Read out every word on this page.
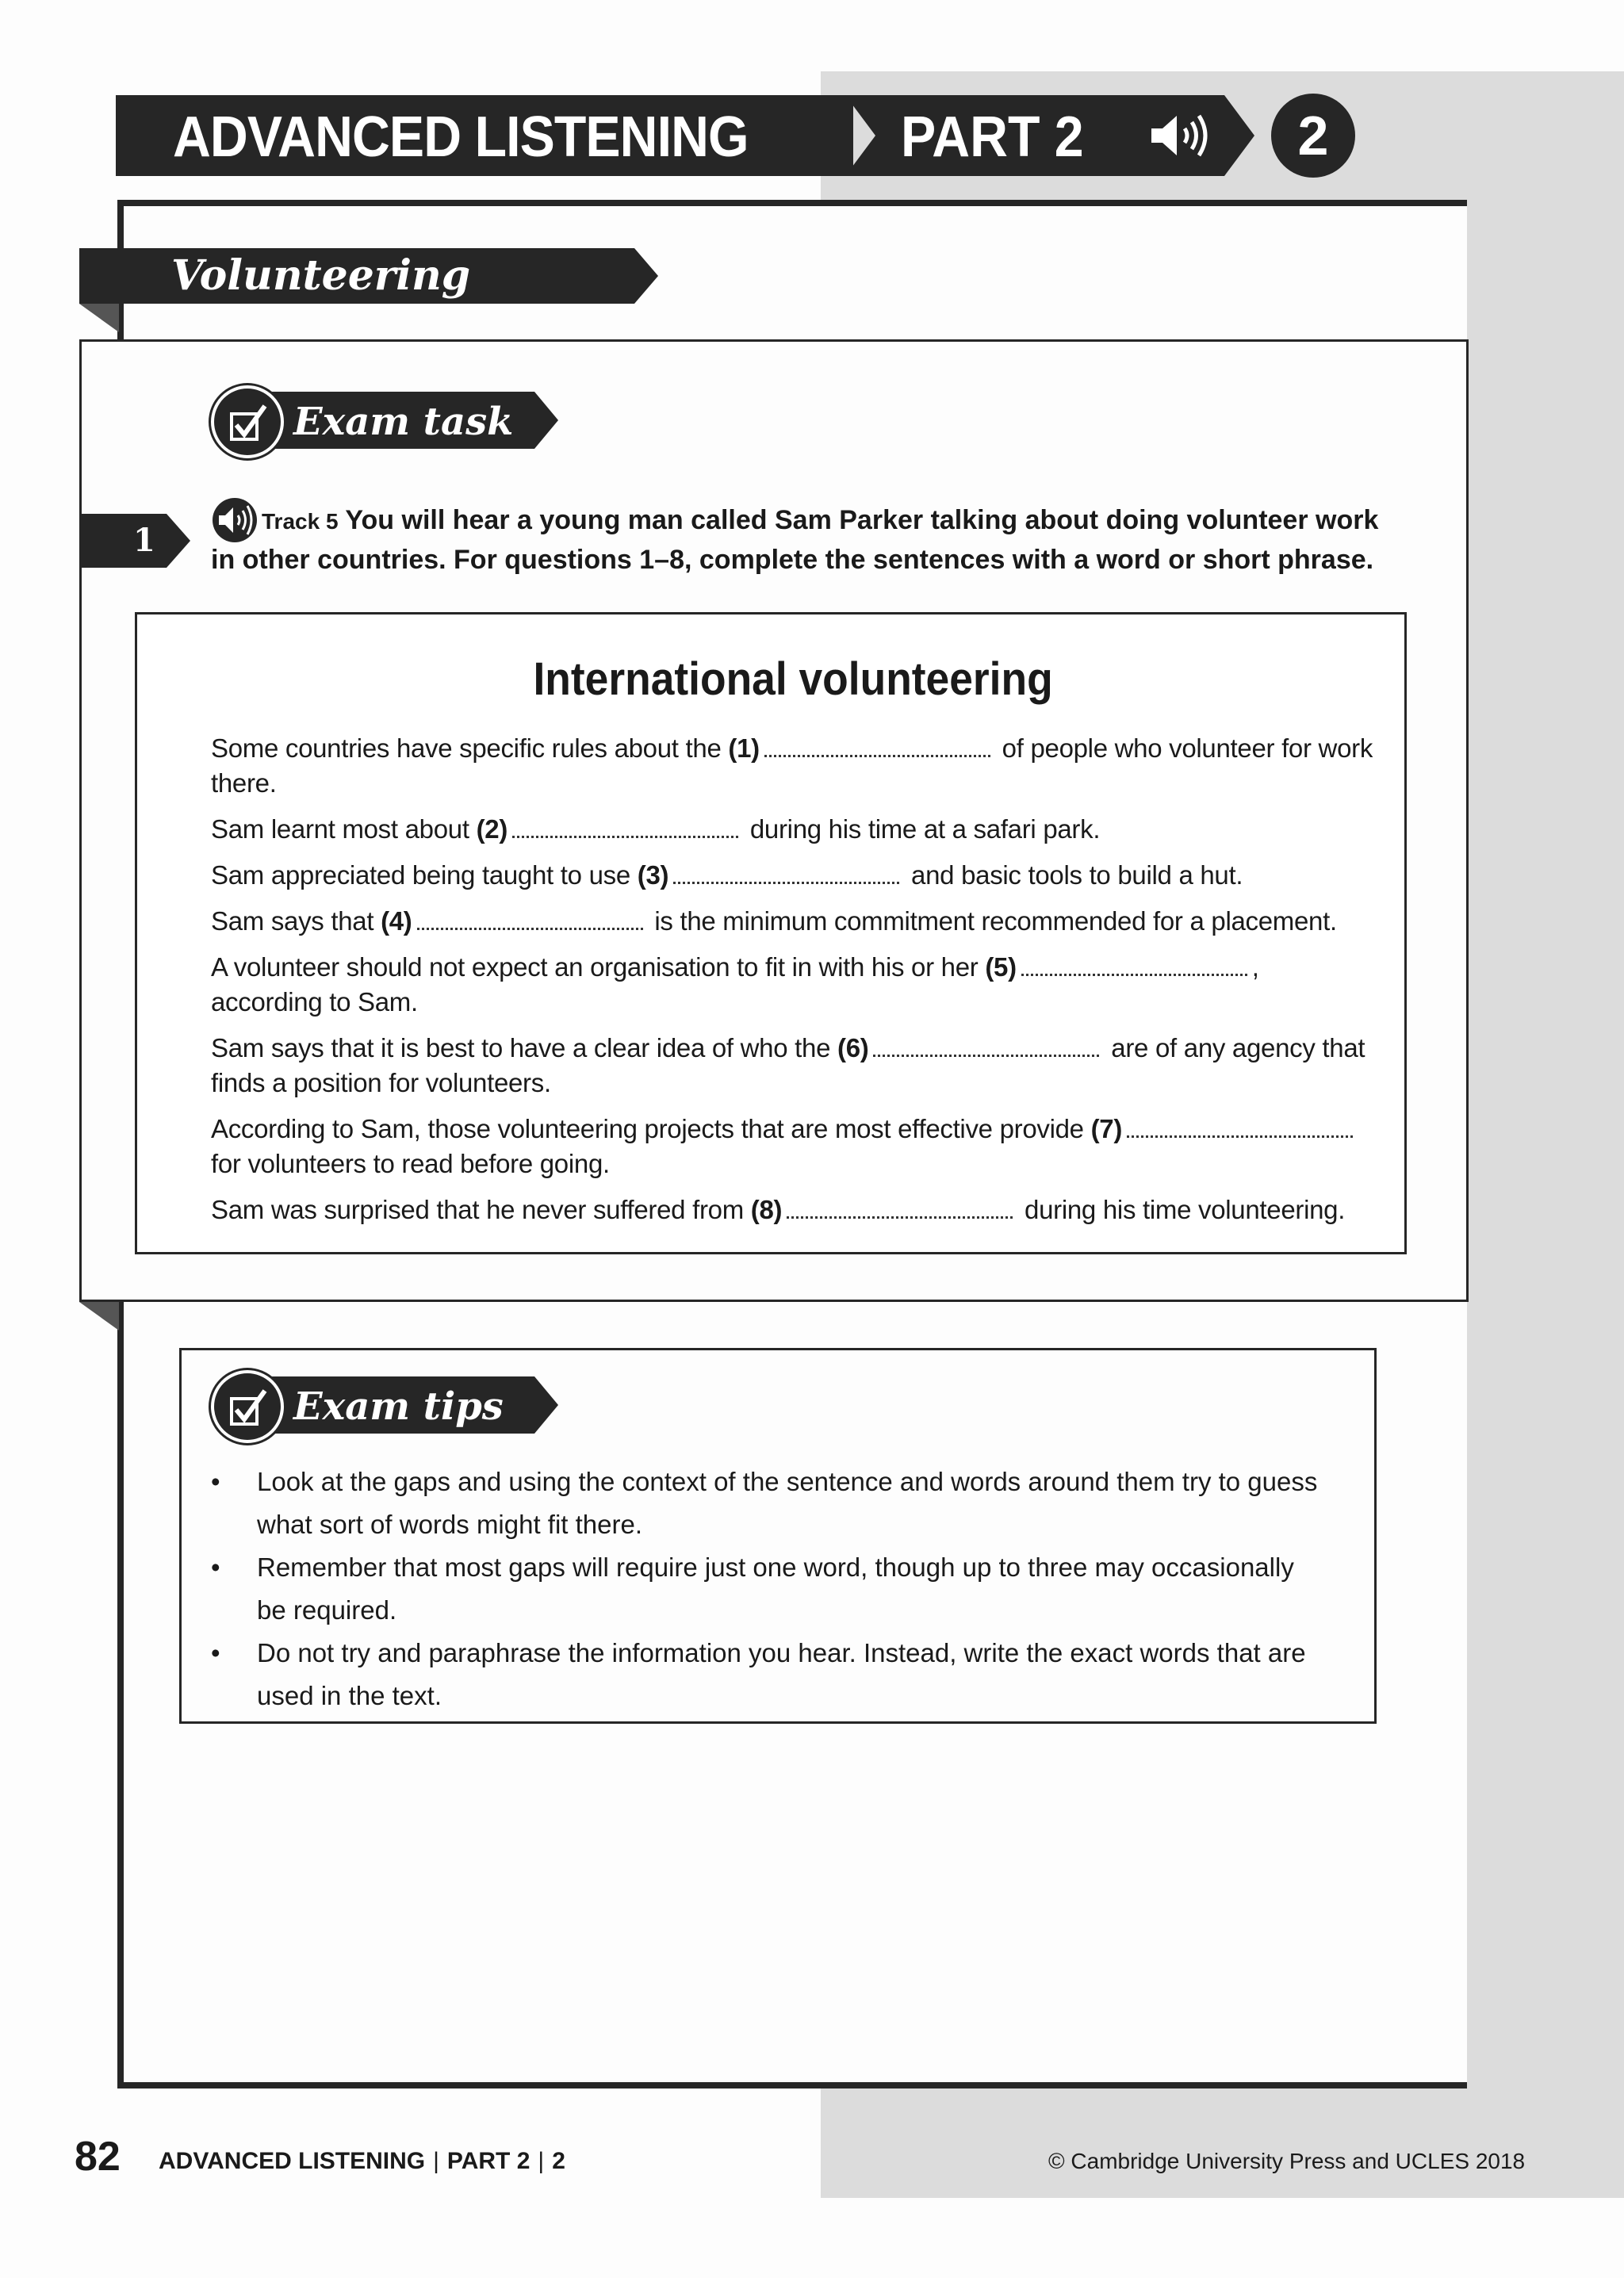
ADVANCED LISTENING	PART 2	2
Volunteering
Exam task
1
Track 5 You will hear a young man called Sam Parker talking about doing volunteer work in other countries. For questions 1–8, complete the sentences with a word or short phrase.
International volunteering
Some countries have specific rules about the (1)	of people who volunteer for work there.
Sam learnt most about (2)	during his time at a safari park.
Sam appreciated being taught to use (3)	and basic tools to build a hut.
Sam says that (4)	is the minimum commitment recommended for a placement.
A volunteer should not expect an organisation to fit in with his or her (5)	, according to Sam.
Sam says that it is best to have a clear idea of who the (6)	are of any agency that finds a position for volunteers.
According to Sam, those volunteering projects that are most effective provide (7) for volunteers to read before going.
Sam was surprised that he never suffered from (8)	during his time volunteering.
Exam tips
• Look at the gaps and using the context of the sentence and words around them try to guess what sort of words might fit there.
• Remember that most gaps will require just one word, though up to three may occasionally be required.
• Do not try and paraphrase the information you hear. Instead, write the exact words that are used in the text.
82 ADVANCED LISTENING | PART 2 | 2	© Cambridge University Press and UCLES 2018
